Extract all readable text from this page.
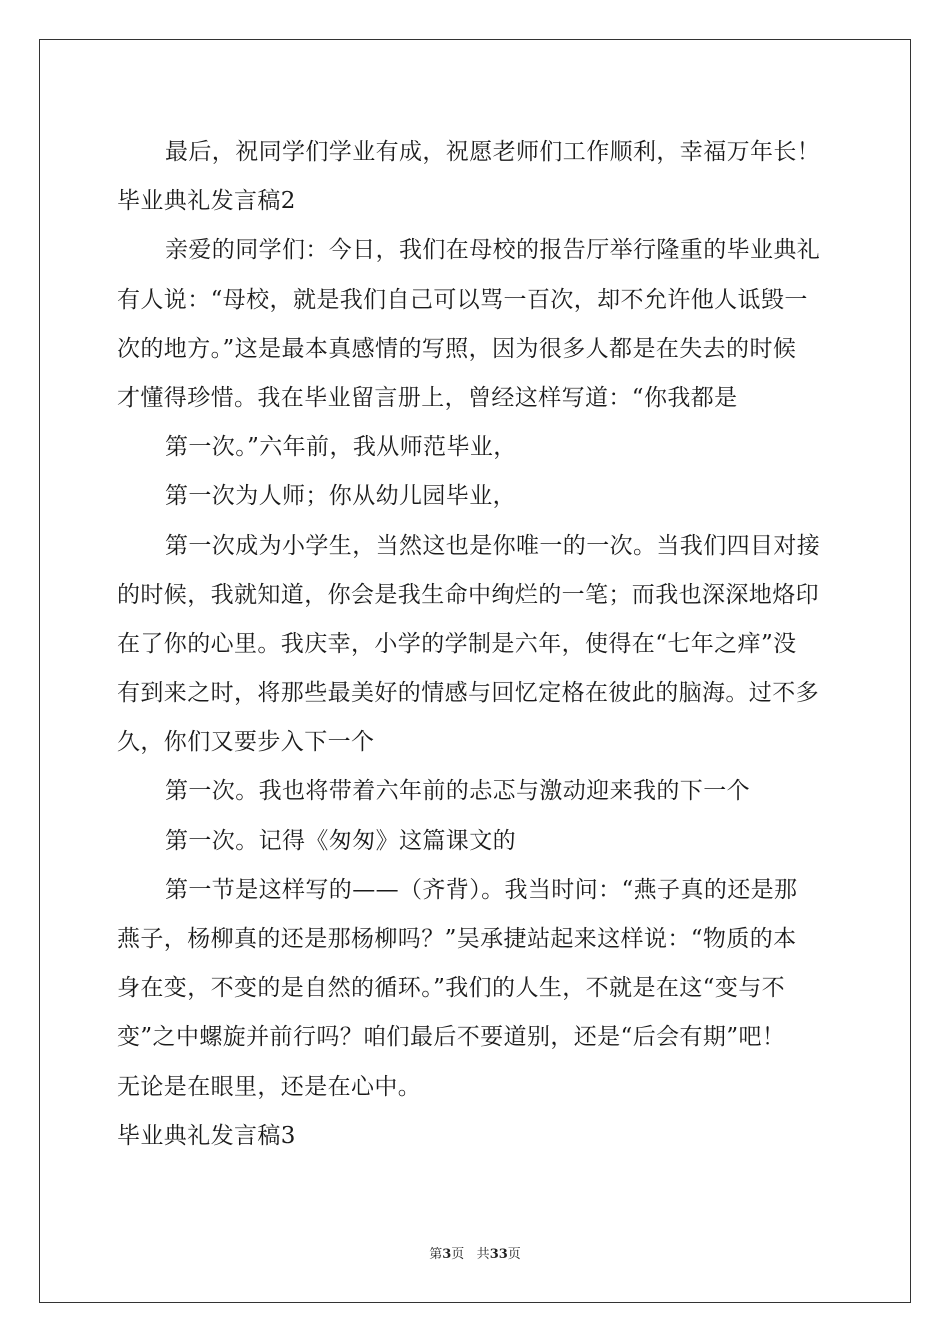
最后，祝同学们学业有成，祝愿老师们工作顺利，幸福万年长！
毕业典礼发言稿2
亲爱的同学们：今日，我们在母校的报告厅举行隆重的毕业典礼
有人说：“母校，就是我们自己可以骂一百次，却不允许他人诋毁一
次的地方。”这是最本真感情的写照，因为很多人都是在失去的时候
才懂得珍惜。我在毕业留言册上，曾经这样写道：“你我都是
第一次。”六年前，我从师范毕业，
第一次为人师；你从幼儿园毕业，
第一次成为小学生，当然这也是你唯一的一次。当我们四目对接
的时候，我就知道，你会是我生命中绚烂的一笔；而我也深深地烙印
在了你的心里。我庆幸，小学的学制是六年，使得在“七年之痒”没
有到来之时，将那些最美好的情感与回忆定格在彼此的脑海。过不多
久，你们又要步入下一个
第一次。我也将带着六年前的忐忑与激动迎来我的下一个
第一次。记得《匆匆》这篇课文的
第一节是这样写的——（齐背）。我当时问：“燕子真的还是那
燕子，杨柳真的还是那杨柳吗？”吴承捷站起来这样说：“物质的本
身在变，不变的是自然的循环。”我们的人生，不就是在这“变与不
变”之中螺旋并前行吗？咱们最后不要道别，还是“后会有期”吧！
无论是在眼里，还是在心中。
毕业典礼发言稿3
第3页 共33页
